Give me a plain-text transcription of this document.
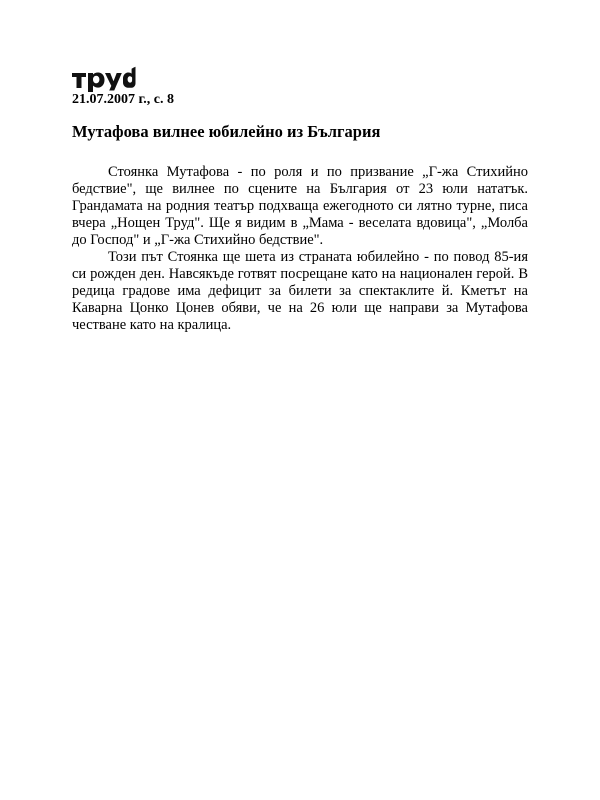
21.07.2007 г., с. 8
Мутафова вилнее юбилейно из България

Стоянка Мутафова - по роля и по призвание „Г-жа Стихийно бедствие", ще вилнее по сцените на България от 23 юли нататък. Грандамата на родния театър подхваща ежегодното си лятно турне, писа вчера „Нощен Труд". Ще я видим в „Мама - веселата вдовица", „Молба до Господ" и „Г-жа Стихийно бедствие".

Този път Стоянка ще шета из страната юбилейно - по повод 85-ия си рожден ден. Навсякъде готвят посрещане като на национален герой. В редица градове има дефицит за билети за спектаклите й. Кметът на Каварна Цонко Цонев обяви, че на 26 юли ще направи за Мутафова честване като на кралица.
